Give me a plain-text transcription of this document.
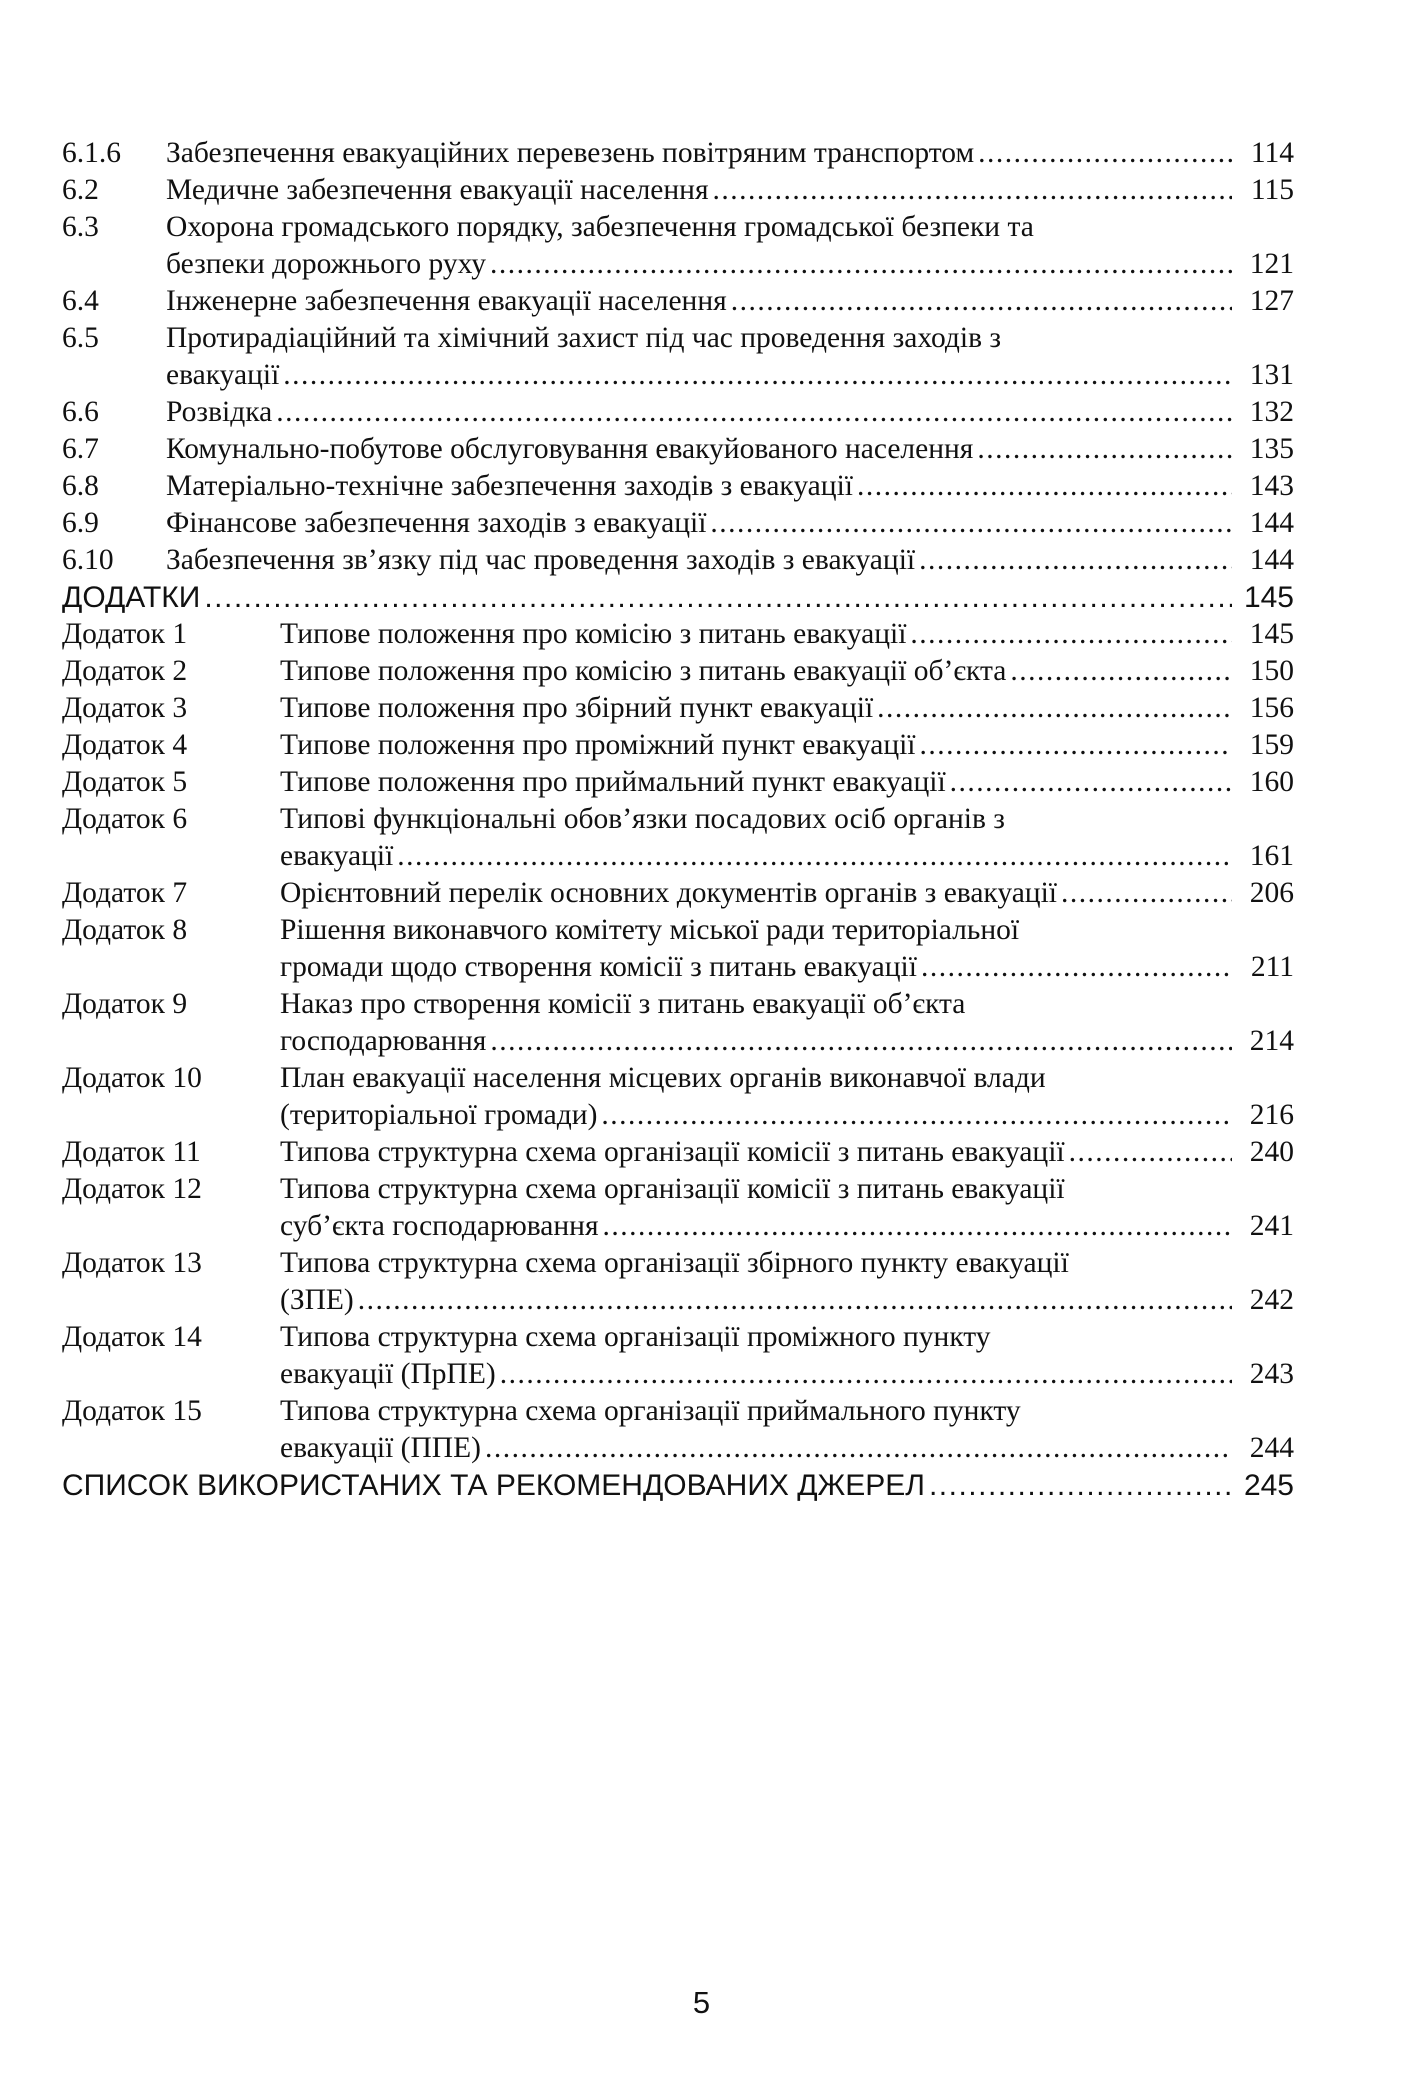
6.1.6	Забезпечення евакуаційних перевезень повітряним транспортом .....	114
6.2	Медичне забезпечення евакуації населення .....	115
6.3	Охорона громадського порядку, забезпечення громадської безпеки та
безпеки дорожнього руху .....	121
6.4	Інженерне забезпечення евакуації населення .....	127
6.5	Протирадіаційний та хімічний захист під час проведення заходів з
евакуації .....	131
6.6	Розвідка .....	132
6.7	Комунально-побутове обслуговування евакуйованого населення .....	135
6.8	Матеріально-технічне забезпечення заходів з евакуації .....	143
6.9	Фінансове забезпечення заходів з евакуації .....	144
6.10	Забезпечення зв’язку під час проведення заходів з евакуації .....	144
ДОДАТКИ .....	145
Додаток 1	Типове положення про комісію з питань евакуації .....	145
Додаток 2	Типове положення про комісію з питань евакуації об’єкта .....	150
Додаток 3	Типове положення про збірний пункт евакуації .....	156
Додаток 4	Типове положення про проміжний пункт евакуації .....	159
Додаток 5	Типове положення про приймальний пункт евакуації .....	160
Додаток 6	Типові функціональні обов’язки посадових осіб органів з
евакуації .....	161
Додаток 7	Орієнтовний перелік основних документів органів з евакуації .....	206
Додаток 8	Рішення виконавчого комітету міської ради територіальної
громади щодо створення комісії з питань евакуації .....	211
Додаток 9	Наказ про створення комісії з питань евакуації об’єкта
господарювання .....	214
Додаток 10	План евакуації населення місцевих органів виконавчої влади
(територіальної громади) .....	216
Додаток 11	Типова структурна схема організації комісії з питань евакуації .....	240
Додаток 12	Типова структурна схема організації комісії з питань евакуації
суб’єкта господарювання .....	241
Додаток 13	Типова структурна схема організації збірного пункту евакуації
(ЗПЕ) .....	242
Додаток 14	Типова структурна схема організації проміжного пункту
евакуації (ПрПЕ) .....	243
Додаток 15	Типова структурна схема організації приймального пункту
евакуації (ППЕ) .....	244
СПИСОК ВИКОРИСТАНИХ ТА РЕКОМЕНДОВАНИХ ДЖЕРЕЛ .....	245
5
